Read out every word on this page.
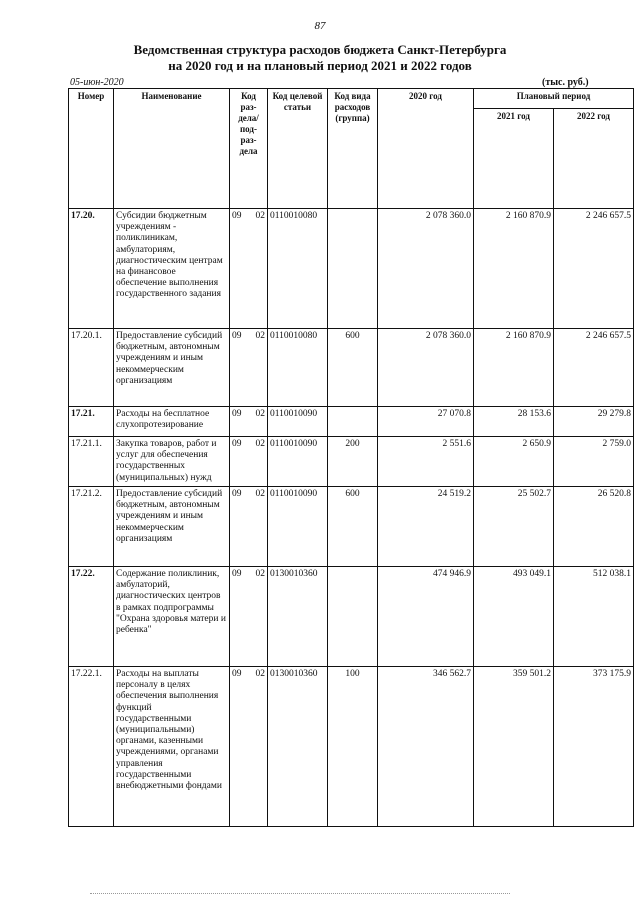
87
Ведомственная структура расходов бюджета Санкт-Петербурга
на 2020 год и на плановый период 2021 и 2022 годов
05-июн-2020	(тыс. руб.)
Номер	Наименование	Код раз-дела/ под-раз-дела	Код целевой статьи	Код вида расходов (группа)	2020 год	Плановый период	
						2021 год	2022 год
17.20.	Субсидии бюджетным учреждениям - поликлиникам, амбулаториям, диагностическим центрам на финансовое обеспечение выполнения государственного задания	09 02	0110010080		2 078 360.0	2 160 870.9	2 246 657.5
17.20.1.	Предоставление субсидий бюджетным, автономным учреждениям и иным некоммерческим организациям	09 02	0110010080	600	2 078 360.0	2 160 870.9	2 246 657.5
17.21.	Расходы на бесплатное слухопротезирование	09 02	0110010090		27 070.8	28 153.6	29 279.8
17.21.1.	Закупка товаров, работ и услуг для обеспечения государственных (муниципальных) нужд	09 02	0110010090	200	2 551.6	2 650.9	2 759.0
17.21.2.	Предоставление субсидий бюджетным, автономным учреждениям и иным некоммерческим организациям	09 02	0110010090	600	24 519.2	25 502.7	26 520.8
17.22.	Содержание поликлиник, амбулаторий, диагностических центров в рамках подпрограммы "Охрана здоровья матери и ребенка"	09 02	0130010360		474 946.9	493 049.1	512 038.1
17.22.1.	Расходы на выплаты персоналу в целях обеспечения выполнения функций государственными (муниципальными) органами, казенными учреждениями, органами управления государственными внебюджетными фондами	09 02	0130010360	100	346 562.7	359 501.2	373 175.9
